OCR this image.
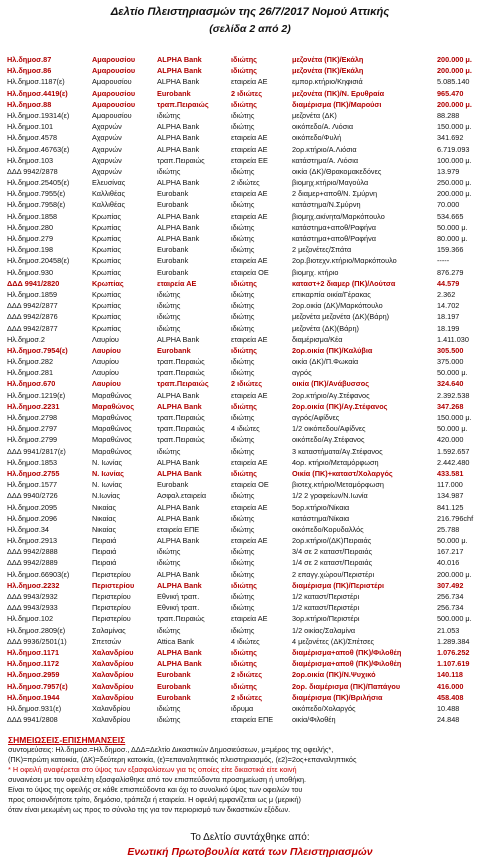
Δελτίο Πλειστηριασμών της 26/7/2017 Νομού Αττικής
(σελίδα 2 από 2)
Ηλ.δημοσ.87	Αμαρουσίου	ALPHA Bank	ιδιώτης	μεζονέτα (ΠΚ)/Εκάλη	200.000 μ.
Ηλ.δημοσ.86	Αμαρουσίου	ALPHA Bank	ιδιώτης	μεζονέτα (ΠΚ)/Εκάλη	200.000 μ.
Ηλ.δημοσ.1187(ε)	Αμαρουσίου	ALPHA Bank	εταιρεία ΑΕ	εμπορ.κτήριο/Κηφισιά	5.085.140
Ηλ.δημοσ.4419(ε)	Αμαρουσίου	Eurobank	2 ιδιώτες	μεζονέτα (ΠΚ)/Ν. Ερυθραία	965.470
Ηλ.δημοσ.88	Αμαρουσίου	τραπ.Πειραιώς	ιδιώτης	διαμέρισμα (ΠΚ)/Μαρούσι	200.000 μ.
Ηλ.δημοσ.19314(ε)	Αμαρουσίου	ιδιώτης	ιδιώτης	μεζονέτα (ΔΚ)	88.288
Ηλ.δημοσ.101	Αχαρνών	ALPHA Bank	ιδιώτης	οικόπεδο/Α. Λιόσια	150.000 μ.
Ηλ.δημοσ.4578	Αχαρνών	ALPHA Bank	εταιρεία ΑΕ	οικόπεδο/Φυλή	341.692
Ηλ.δημοσ.46763(ε)	Αχαρνών	ALPHA Bank	εταιρεία ΑΕ	2ορ.κτήριο/Α.Λιόσια	6.719.093
Ηλ.δημοσ.103	Αχαρνών	τραπ.Πειραιώς	εταιρεία ΕΕ	κατάστημα/Α. Λιόσια	100.000 μ.
ΔΔΔ 9942/2878	Αχαρνών	ιδιώτης	ιδιώτης	οικία (ΔΚ)/Θρακομακεδόνες	13.979
Ηλ.δημοσ.25405(ε)	Ελευσίνας	ALPHA Bank	2 ιδιώτες	βιομηχ.κτήριο/Μαγούλα	250.000 μ.
Ηλ.δημοσ.7955(ε)	Καλλιθέας	Eurobank	εταιρεία ΑΕ	2 διαμερ+αποθ/Ν. Σμύρνη	200.000 μ.
Ηλ.δημοσ.7958(ε)	Καλλιθέας	Eurobank	ιδιώτης	κατάστημα/Ν.Σμύρνη	70.000
Ηλ.δημοσ.1858	Κρωπίας	ALPHA Bank	εταιρεία ΑΕ	βιομηχ.ακίνητα/Μαρκόπουλο	534.665
Ηλ.δημοσ.280	Κρωπίας	ALPHA Bank	ιδιώτης	κατάστημα+αποθ/Ραφήνα	50.000 μ.
Ηλ.δημοσ.279	Κρωπίας	ALPHA Bank	ιδιώτης	κατάστημα+αποθ/Ραφήνα	80.000 μ.
Ηλ.δημοσ.198	Κρωπίας	Eurobank	ιδιώτης	2 μεζονέτες/Σπάτα	159.366
Ηλ.δημοσ.20458(ε)	Κρωπίας	Eurobank	εταιρεία ΑΕ	2ορ.βιοτεχν.κτήριο/Μαρκόπουλο	-----
Ηλ.δημοσ.930	Κρωπίας	Eurobank	εταιρεία ΟΕ	βιομηχ. κτήριο	876.279
ΔΔΔ 9941/2820	Κρωπίας	εταιρεία ΑΕ	ιδιώτης	καταστ+2 διαμερ (ΠΚ)/Λούτσα	44.579
Ηλ.δημοσ.1859	Κρωπίας	ιδιώτης	ιδιώτης	επικαρπία οικία/Γέρακας	2.362
ΔΔΔ 9942/2877	Κρωπίας	ιδιώτης	ιδιώτης	2ορ.οικία (ΔΚ)/Μαρκόπουλο	14.702
ΔΔΔ 9942/2876	Κρωπίας	ιδιώτης	ιδιώτης	μεζονέτα μεζονέτα (ΔΚ)(Βάρη)	18.197
ΔΔΔ 9942/2877	Κρωπίας	ιδιώτης	ιδιώτης	μεζονέτα (ΔΚ)(Βάρη)	18.199
Ηλ.δημοσ.2	Λαυρίου	ALPHA Bank	εταιρεία ΑΕ	διαμέρισμα/Κέα	1.411.030
Ηλ.δημοσ.7954(ε)	Λαυρίου	Eurobank	ιδιώτης	2ορ.οικία (ΠΚ)/Καλύβια	305.500
Ηλ.δημοσ.282	Λαυρίου	τραπ.Πειραιώς	ιδιώτης	οικία (ΔΚ)/Π.Φωκαία	375.000
Ηλ.δημοσ.281	Λαυρίου	τραπ.Πειραιώς	ιδιώτης	αγρός	50.000 μ.
Ηλ.δημοσ.670	Λαυρίου	τραπ.Πειραιώς	2 ιδιώτες	οικία (ΠΚ)/Ανάβυσσος	324.640
Ηλ.δημοσ.1219(ε)	Μαραθώνος	ALPHA Bank	εταιρεία ΑΕ	2ορ.κτήριο/Αγ.Στέφανος	2.392.538
Ηλ.δημοσ.2231	Μαραθώνος	ALPHA Bank	ιδιώτης	2ορ.οικία (ΠΚ)/Αγ.Στέφανος	347.268
Ηλ.δημοσ.2798	Μαραθώνος	τραπ.Πειραιώς	ιδιώτης	αγρός/Αφίδνες	150.000 μ.
Ηλ.δημοσ.2797	Μαραθώνος	τραπ.Πειραιώς	4 ιδιώτες	1/2 οικόπεδου/Αφίδνες	50.000 μ.
Ηλ.δημοσ.2799	Μαραθώνος	τραπ.Πειραιώς	ιδιώτης	οικόπεδο/Αγ.Στέφανος	420.000
ΔΔΔ 9941/2817(ε)	Μαραθώνος	ιδιώτης	ιδιώτης	3 καταστήματα/Αγ.Στέφανος	1.592.657
Ηλ.δημοσ.1853	Ν. Ιωνίας	ALPHA Bank	εταιρεία ΑΕ	4ορ. κτήριο/Μεταμόρφωση	2.442.480
Ηλ.δημοσ.2755	Ν. Ιωνίας	ALPHA Bank	ιδιώτης	Οικία (ΠΚ)+καταστ/Χολαργός	433.581
Ηλ.δημοσ.1577	Ν. Ιωνίας	Eurobank	εταιρεία ΟΕ	βιοτεχ.κτήριο/Μεταμόρφωση	117.000
ΔΔΔ 9940/2726	Ν.Ιωνίας	Ασφαλ.εταιρεία	ιδιώτης	1/2 2 γραφείων/Ν.Ιωνία	134.987
Ηλ.δημοσ.2095	Νικαίας	ALPHA Bank	εταιρεία ΑΕ	5ορ.κτήριο/Νίκαια	841.125
Ηλ.δημοσ.2096	Νικαίας	ALPHA Bank	ιδιώτης	κατάστημα/Νίκαια	216.796chf
Ηλ.δημοσ.34	Νικαίας	εταιρεία ΕΠΕ	ιδιώτης	οικόπεδο/Κορυδαλλός	25.788
Ηλ.δημοσ.2913	Πειραιά	ALPHA Bank	εταιρεία ΑΕ	2ορ.κτήριο/(ΔΚ)Πειραιάς	50.000 μ.
ΔΔΔ 9942/2888	Πειραιά	ιδιώτης	ιδιώτης	3/4 σε 2 καταστ/Πειραιάς	167.217
ΔΔΔ 9942/2889	Πειραιά	ιδιώτης	ιδιώτης	1/4 σε 2 καταστ/Πειραιάς	40.016
Ηλ.δημοσ.66903(ε)	Περιστερίου	ALPHA Bank	ιδιώτης	2 επαγγ.χώρου/Περιστέρι	200.000 μ.
Ηλ.δημοσ.2232	Περιστερίου	ALPHA Bank	ιδιώτης	διαμέρισμα (ΠΚ)/Περιστέρι	307.492
ΔΔΔ 9943/2932	Περιστερίου	Εθνική τραπ.	ιδιώτης	1/2 καταστ/Περιστέρι	256.734
ΔΔΔ 9943/2933	Περιστερίου	Εθνική τραπ.	ιδιώτης	1/2 καταστ/Περιστέρι	256.734
Ηλ.δημοσ.102	Περιστερίου	τραπ.Πειραιώς	εταιρεία ΑΕ	3ορ.κτήριο/Περιστέρι	500.000 μ.
Ηλ.δημοσ.2809(ε)	Σαλαμίνας	ιδιώτης	ιδιώτης	1/2 οικίας/Σαλαμίνα	21.053
ΔΔΔ 9936/2501(1)	Σπετσών	Attica Bank	4 ιδιώτες	4 μεζονέτες (ΔΚ)/Σπέτσες	1.289.384
Ηλ.δημοσ.1171	Χαλανδρίου	ALPHA Bank	ιδιώτης	διαμέρισμα+αποθ (ΠΚ)/Φιλοθέη	1.076.252
Ηλ.δημοσ.1172	Χαλανδρίου	ALPHA Bank	ιδιώτης	διαμέρισμα+αποθ (ΠΚ)/Φιλοθέη	1.107.619
Ηλ.δημοσ.2959	Χαλανδρίου	Eurobank	2 ιδιώτες	2ορ.οικία (ΠΚ)/Ν.Ψυχικό	140.118
Ηλ.δημοσ.7957(ε)	Χαλανδρίου	Eurobank	ιδιώτης	2ορ. διαμέρισμα (ΠΚ)/Παπάγου	416.000
Ηλ.δημοσ.1944	Χαλανδρίου	Eurobank	2 ιδιώτες	διαμέρισμα (ΠΚ)/Βριλήσια	458.408
Ηλ.δημοσ.931(ε)	Χαλανδρίου	ιδιώτης	ιδρυμα	οικόπεδο/Χολαργός	10.488
ΔΔΔ 9941/2808	Χαλανδρίου	ιδιώτης	εταιρεία ΕΠΕ	οικία/Φιλοθέη	24.848
ΣΗΜΕΙΩΣΕΙΣ-ΕΠΙΣΗΜΑΝΣΕΙΣ
συντομεύσεις: Ηλ.δημοσ.=Ηλ.δημοσ., ΔΔΔ=Δελτίο Δικαστικών Δημοσιεύσεων, μ=μέρος της οφειλής*,
(ΠΚ)=πρώτη κατοικία, (ΔΚ)=δεύτερη κατοικία, (ε)=επαναληπτικός πλειστηριασμός, (ε2)=2ος+επαναληπτικός
* Η οφειλή αναφέρεται στο ύψος των εξασφαλίσεων για τις οποίες είτε δικαστικά είτε κοινή
συναινέσει με τον οφειλέτη εξασφαλίσθηκε από τον επισπεύδοντα προσημείωση ή υποθήκη.
Είναι το ύψος της οφειλής σε κάθε επισπεύδοντα και όχι το συνολικό ύψος των οφειλών του
προς οποιονδήποτε τρίτο, δημόσιο, τράπεζα ή εταιρεία. Η οφειλή εμφανίζεται ως μ (μερική)
όταν είναι μειωμένη ως προς το σύνολο της για τον περιορισμό των δικαστικών εξόδων.
Το Δελτίο συντάχθηκε από:
Ενωτική Πρωτοβουλία κατά των Πλειστηριασμών
